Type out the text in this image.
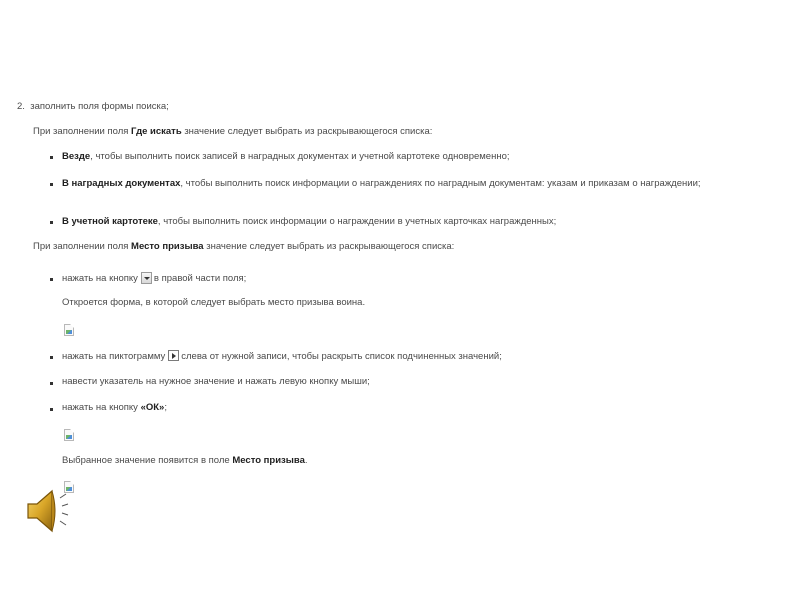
2. заполнить поля формы поиска;
При заполнении поля Где искать значение следует выбрать из раскрывающегося списка:
Везде, чтобы выполнить поиск записей в наградных документах и учетной картотеке одновременно;
В наградных документах, чтобы выполнить поиск информации о награждениях по наградным документам: указам и приказам о награждении;
В учетной картотеке, чтобы выполнить поиск информации о награждении в учетных карточках награжденных;
При заполнении поля Место призыва значение следует выбрать из раскрывающегося списка:
нажать на кнопку в правой части поля;
Откроется форма, в которой следует выбрать место призыва воина.
нажать на пиктограмму слева от нужной записи, чтобы раскрыть список подчиненных значений;
навести указатель на нужное значение и нажать левую кнопку мыши;
нажать на кнопку «ОК»;
Выбранное значение появится в поле Место призыва.
